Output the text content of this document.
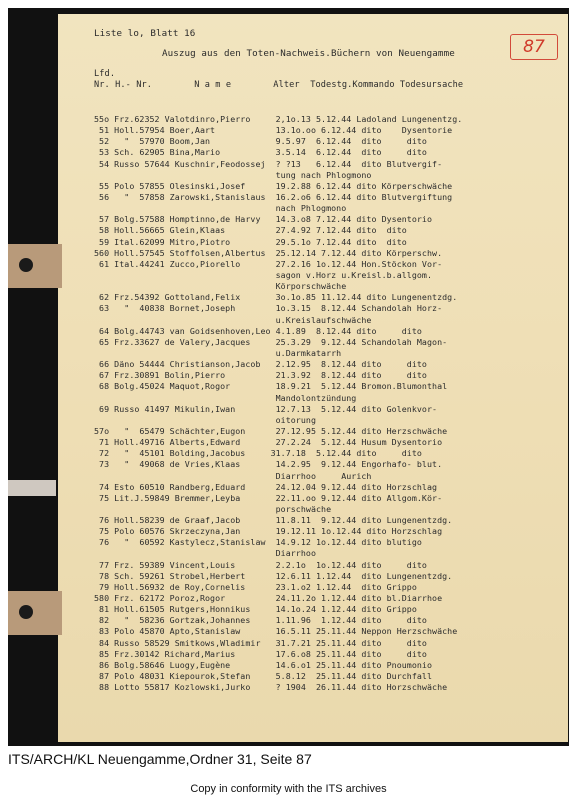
Liste lo, Blatt 16
Auszug aus den Toten-Nachweis.Büchern von Neuengamme	87
Lfd.
Nr. H.- Nr.        N a m e        Alter  Todestg.Kommando Todesursache
55o Frz.62352 Valotdinro,Pierro     2,1o.13 5.12.44 Ladoland Lungenentzg.
51 Holl.57954 Boer,Aart            13.1o.oo 6.12.44 dito    Dysentorie
52   "  57970 Boom,Jan             9.5.97  6.12.44  dito     dito
53 Sch. 62905 Bina,Mario           3.5.14  6.12.44  dito     dito
54 Russo 57644 Kuschnir,Feodossej  ? ?13   6.12.44  dito Blutvergif-
tung nach Phlogmono
55 Polo 57855 Olesinski,Josef      19.2.88 6.12.44 dito Körperschwäche
56   "  57858 Zarowski,Stanislaus  16.2.o6 6.12.44 dito Blutvergiftung
nach Phlogmono
57 Bolg.57588 Homptinno,de Harvy   14.3.o8 7.12.44 dito Dysentorio
58 Holl.56665 Glein,Klaas          27.4.92 7.12.44 dito  dito
59 Ital.62099 Mitro,Piotro         29.5.1o 7.12.44 dito  dito
560 Holl.57545 Stoffolsen,Albertus  25.12.14 7.12.44 dito Körperschw.
61 Ital.44241 Zucco,Piorello       27.2.16 1o.12.44 Hon.Stöckon Vor-
sagon v.Horz u.Kreisl.b.allgom.
Körporschwäche
62 Frz.54392 Gottoland,Felix       3o.1o.85 11.12.44 dito Lungenentzdg.
63   "  40838 Bornet,Joseph        1o.3.15  8.12.44 Schandolah Horz-
u.Kreislaufschwäche
64 Bolg.44743 van Goidsenhoven,Leo 4.1.89  8.12.44 dito     dito
65 Frz.33627 de Valery,Jacques     25.3.29  9.12.44 Schandolah Magon-
u.Darmkatarrh
66 Däno 54444 Christianson,Jacob   2.12.95  8.12.44 dito     dito
67 Frz.30891 Bolin,Pierro          21.3.92  8.12.44 dito     dito
68 Bolg.45024 Maquot,Rogor         18.9.21  5.12.44 Bromon.Blumonthal
Mandolontzündung
69 Russo 41497 Mikulin,Iwan        12.7.13  5.12.44 dito Golenkvor-
oitorung
57o   "  65479 Schächter,Eugon      27.12.95 5.12.44 dito Herzschwäche
71 Holl.49716 Alberts,Edward       27.2.24  5.12.44 Husum Dysentorio
72   "  45101 Bolding,Jacobus     31.7.18  5.12.44 dito     dito
73   "  49068 de Vries,Klaas       14.2.95  9.12.44 Engorhafo- blut.
Diarrhoo     Aurich
74 Esto 60510 Randberg,Eduard      24.12.04 9.12.44 dito Horzschlag
75 Lit.J.59849 Bremmer,Leyba       22.11.oo 9.12.44 dito Allgom.Kör-
porschwäche
76 Holl.58239 de Graaf,Jacob       11.8.11  9.12.44 dito Lungenentzdg.
75 Polo 60576 Skrzeczyna,Jan       19.12.11 1o.12.44 dito Horzschlag
76   "  60592 Kastylecz,Stanislaw  14.9.12 1o.12.44 dito blutigo
Diarrhoo
77 Frz. 59389 Vincent,Louis        2.2.1o  1o.12.44 dito     dito
78 Sch. 59261 Strobel,Herbert      12.6.11 1.12.44  dito Lungenentzdg.
79 Holl.56932 de Roy,Cornelis      23.1.o2 1.12.44  dito Grippo
580 Frz. 62172 Poroz,Rogor          24.11.2o 1.12.44 dito bl.Diarrhoe
81 Holl.61505 Rutgers,Honnikus     14.1o.24 1.12.44 dito Grippo
82   "  58236 Gortzak,Johannes     1.11.96  1.12.44 dito     dito
83 Polo 45870 Apto,Stanislaw       16.5.11 25.11.44 Neppon Herzschwäche
84 Russo 58529 Smitkows,Wladimir   31.7.21 25.11.44 dito     dito
85 Frz.30142 Richard,Marius        17.6.o8 25.11.44 dito     dito
86 Bolg.58646 Luogy,Eugène         14.6.o1 25.11.44 dito Pnoumonio
87 Polo 48031 Kiepourok,Stefan     5.8.12  25.11.44 dito Durchfall
88 Lotto 55817 Kozlowski,Jurko     ? 1904  26.11.44 dito Horzschwäche
ITS/ARCH/KL Neuengamme,Ordner 31, Seite 87
Copy in conformity with the ITS archives
